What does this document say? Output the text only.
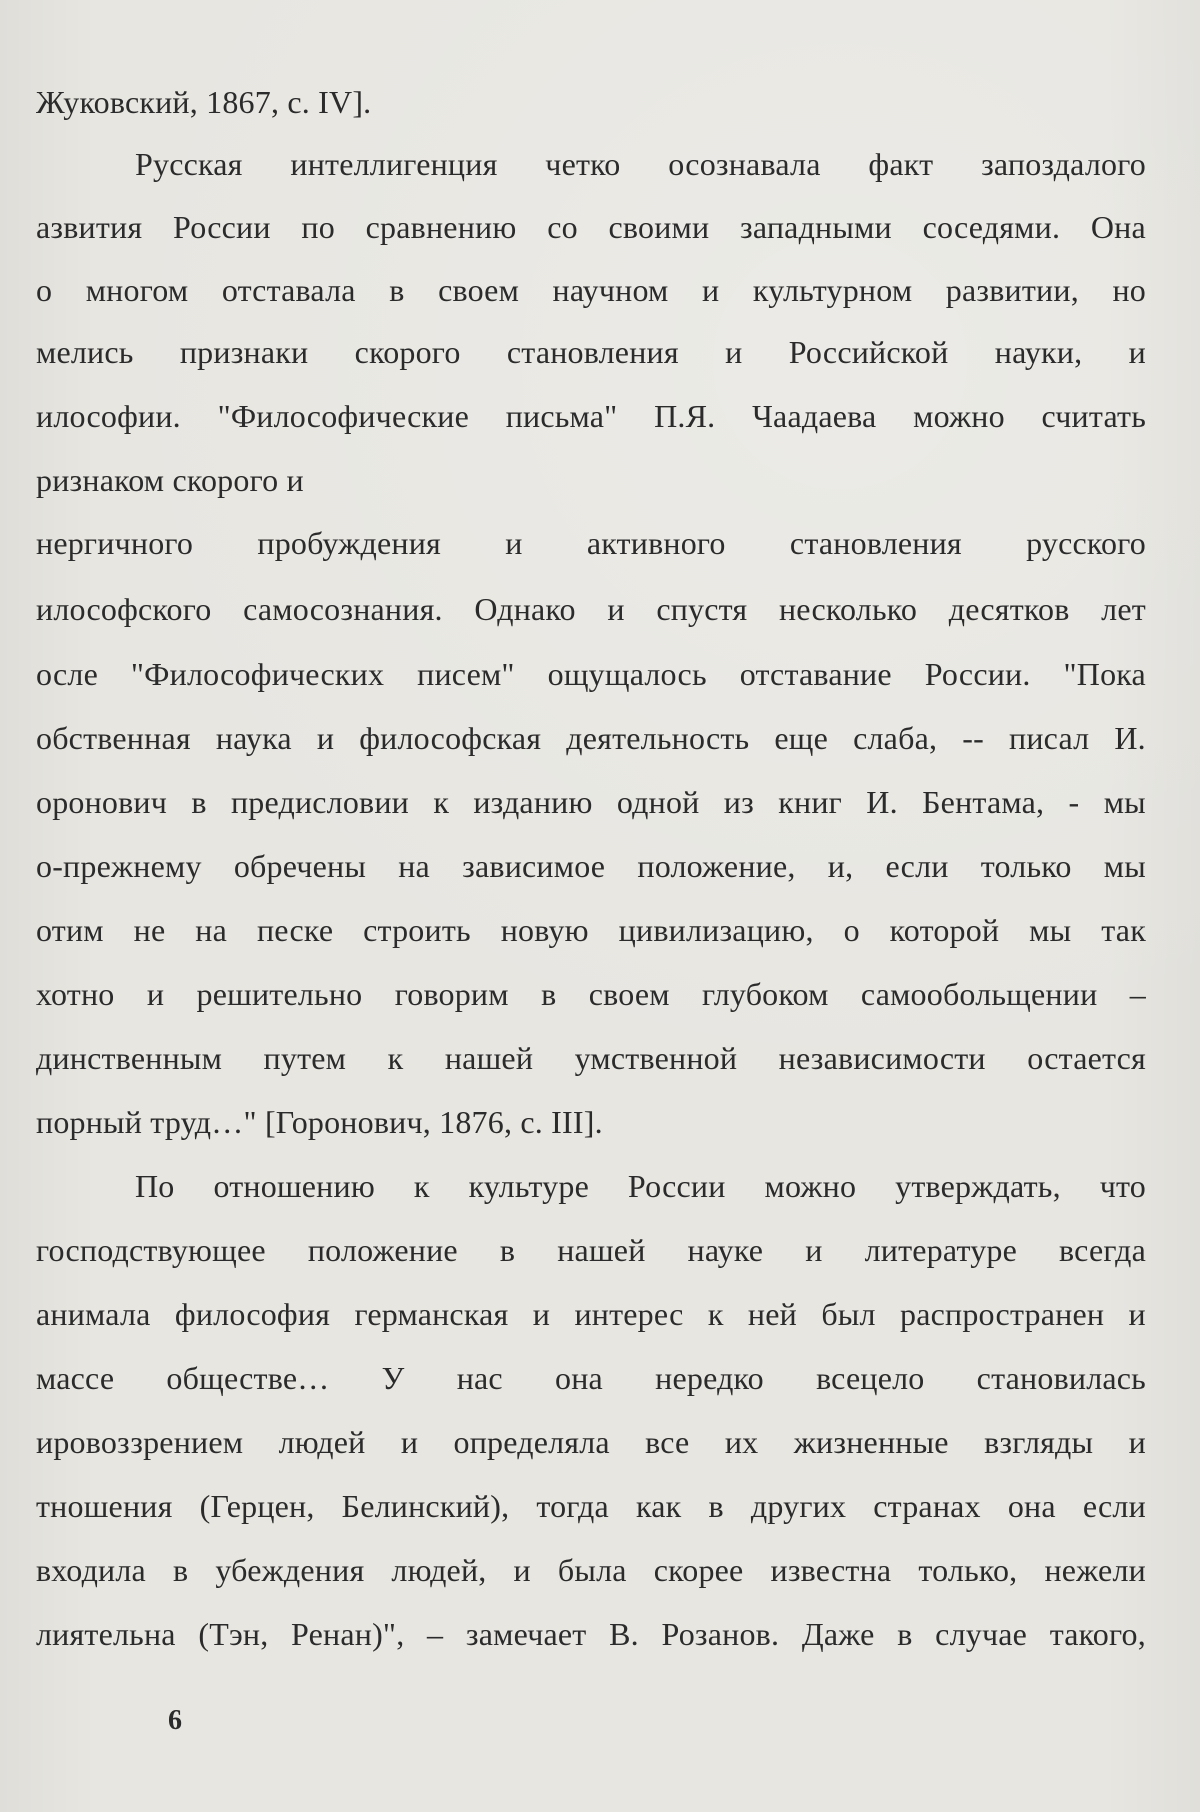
Жуковский, 1867, с. IV].
Русская интеллигенция четко осознавала факт запоздалого
азвития России по сравнению со своими западными соседями. Она
о многом отставала в своем научном и культурном развитии, но
мелись признаки скорого становления и Российской науки, и
илософии. "Философические письма" П.Я. Чаадаева можно считать
ризнаком скорого и
нергичного пробуждения и активного становления русского
илософского самосознания. Однако и спустя несколько десятков лет
осле "Философических писем" ощущалось отставание России. "Пока
обственная наука и философская деятельность еще слаба, -- писал И.
оронович в предисловии к изданию одной из книг И. Бентама, - мы
о-прежнему обречены на зависимое положение, и, если только мы
отим не на песке строить новую цивилизацию, о которой мы так
хотно и решительно говорим в своем глубоком самообольщении –
динственным путем к нашей умственной независимости остается
порный труд…" [Горонович, 1876, с. III].
По отношению к культуре России можно утверждать, что
господствующее положение в нашей науке и литературе всегда
анимала философия германская и интерес к ней был распространен и
массе обществе… У нас она нередко всецело становилась
ировоззрением людей и определяла все их жизненные взгляды и
тношения (Герцен, Белинский), тогда как в других странах она если
входила в убеждения людей, и была скорее известна только, нежели
лиятельна (Тэн, Ренан)", – замечает В. Розанов. Даже в случае такого,
6
